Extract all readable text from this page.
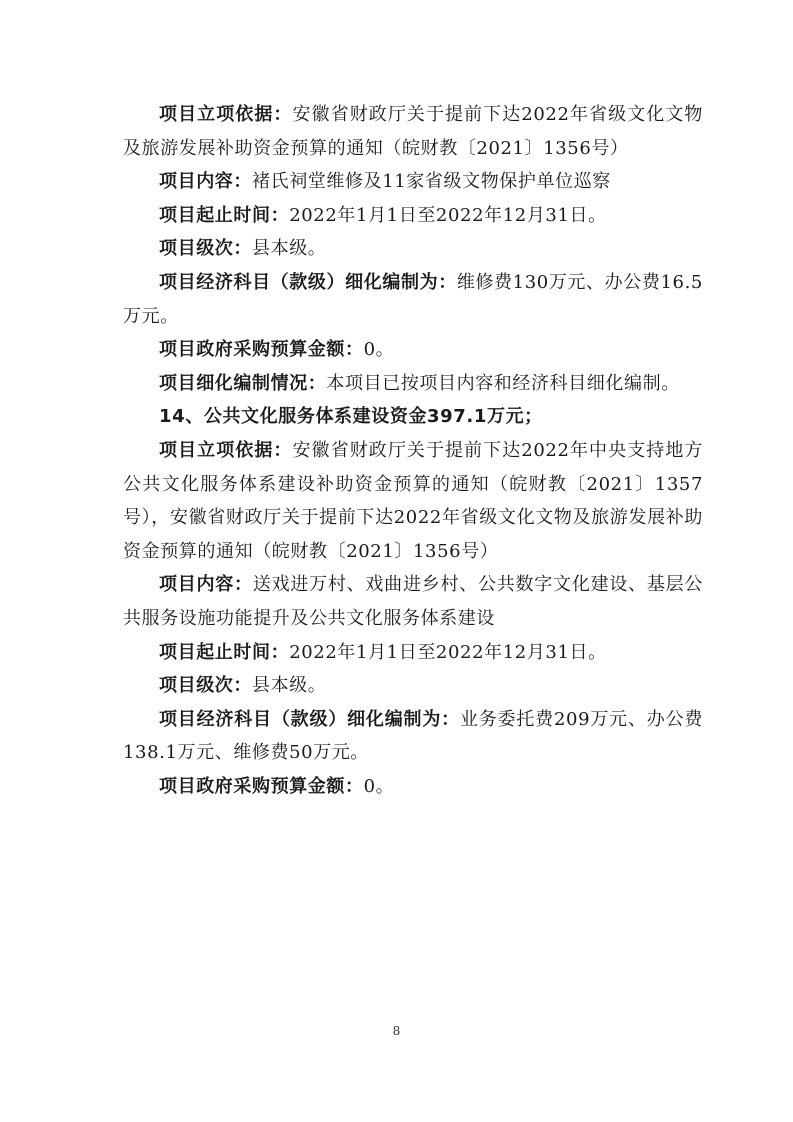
项目立项依据：安徽省财政厅关于提前下达2022年省级文化文物及旅游发展补助资金预算的通知（皖财教〔2021〕1356号）

项目内容：褚氏祠堂维修及11家省级文物保护单位巡察

项目起止时间：2022年1月1日至2022年12月31日。

项目级次：县本级。

项目经济科目（款级）细化编制为：维修费130万元、办公费16.5万元。

项目政府采购预算金额：0。

项目细化编制情况：本项目已按项目内容和经济科目细化编制。

14、公共文化服务体系建设资金397.1万元；

项目立项依据：安徽省财政厅关于提前下达2022年中央支持地方公共文化服务体系建设补助资金预算的通知（皖财教〔2021〕1357号），安徽省财政厅关于提前下达2022年省级文化文物及旅游发展补助资金预算的通知（皖财教〔2021〕1356号）

项目内容：送戏进万村、戏曲进乡村、公共数字文化建设、基层公共服务设施功能提升及公共文化服务体系建设

项目起止时间：2022年1月1日至2022年12月31日。

项目级次：县本级。

项目经济科目（款级）细化编制为：业务委托费209万元、办公费138.1万元、维修费50万元。

项目政府采购预算金额：0。

8
